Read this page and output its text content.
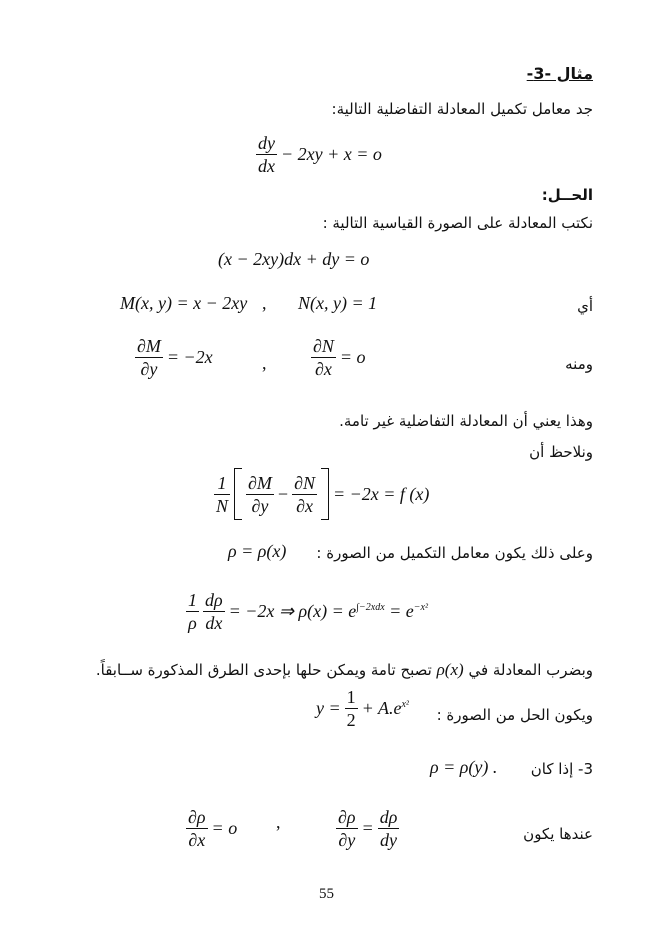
مثال -3-
جد معامل تكميل المعادلة التفاضلية التالية:
$\frac{dy}{dx} - 2xy + x = o$
الحــل:
نكتب المعادلة على الصورة القياسية التالية :
(x − 2xy)dx + dy = o
أي
M(x, y) = x − 2xy , N(x, y) = 1
ومنه
$\frac{\partial M}{\partial y} = -2x$	, $\frac{\partial N}{\partial x} = o$
وهذا يعني أن المعادلة التفاضلية غير تامة.
ونلاحظ أن
$\frac{1}{N} \frac{\partial M}{\partial y} - \frac{\partial N}{\partial x} = -2x = f$ (x)
وعلى ذلك يكون معامل التكميل من الصورة :
ρ = ρ(x)
$\frac{1}{\rho} \frac{d\rho}{dx} = -2x$ ⇒ $\rho(x) = e^{\int-2xdx} = e^{-x^2}$
وبضرب المعادلة في ρ(x) تصبح تامة ويمكن حلها بإحدى الطرق المذكورة ســابقاً.
ويكون الحل من الصورة :
$y = \frac{1}{2} + A.e^{x^2}$
3- إذا كان
ρ = ρ(y) .
عندها يكون
$\frac{\partial\rho}{\partial x} = o$ ,	$\frac{\partial\rho}{\partial y} = \frac{d\rho}{dy}$
55
